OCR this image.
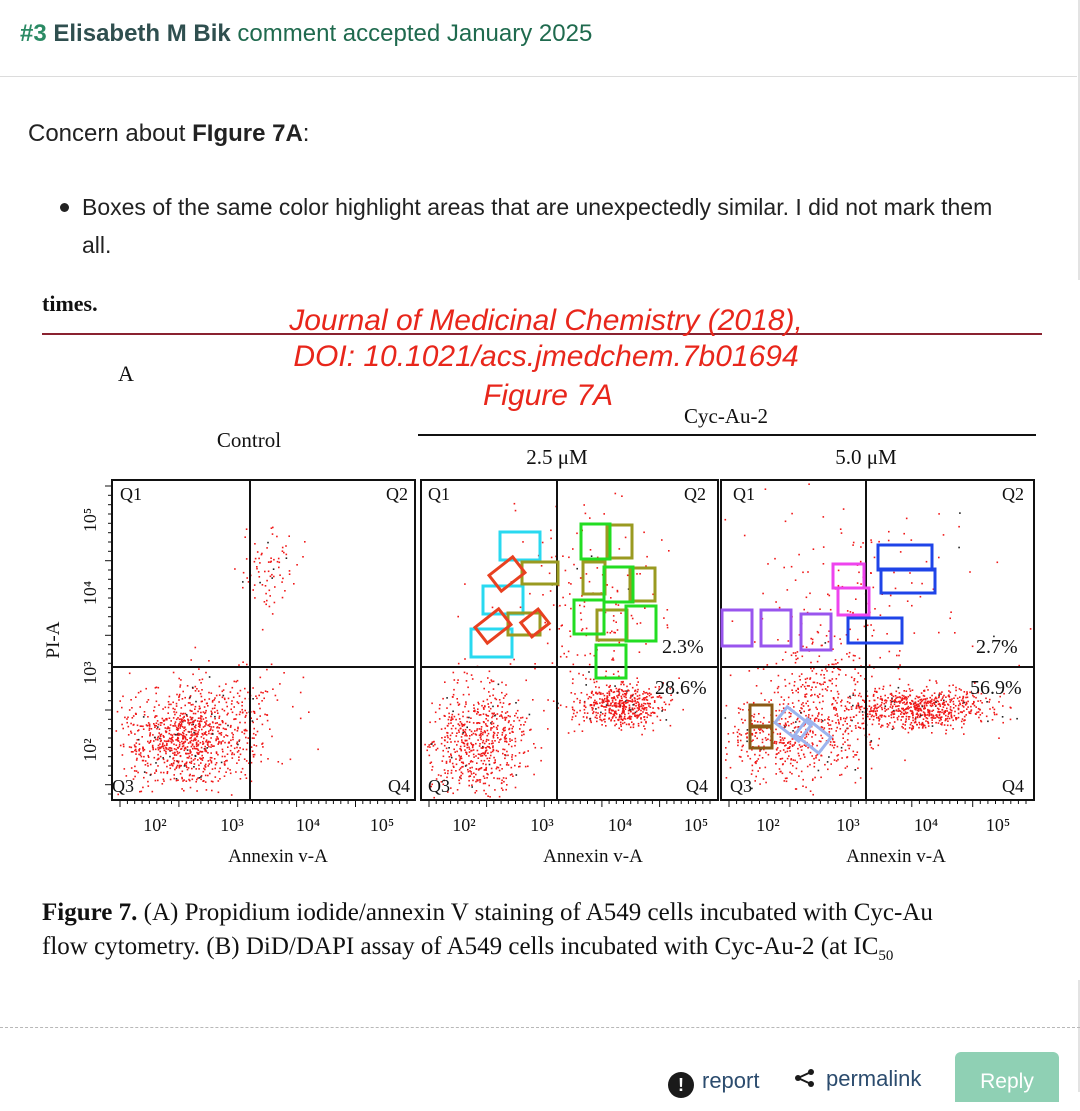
#3 Elisabeth M Bik comment accepted January 2025
Concern about FIgure 7A:
Boxes of the same color highlight areas that are unexpectedly similar. I did not mark them all.
times.
Journal of Medicinal Chemistry (2018),
DOI: 10.1021/acs.jmedchem.7b01694
Figure 7A
A
Cyc-Au-2
Control
2.5 μM	5.0 μM
PI-A
10⁵
10⁴
10³
10²
10²	10³	10⁴	10⁵	10²	10³	10⁴	10⁵	10²	10³	10⁴	10⁵
Annexin v-A	Annexin v-A	Annexin v-A
Q1	Q2
Q3	Q4
Q1	Q2
Q3	Q4
Q1	Q2
Q3	Q4
2.3%
28.6%
2.7%
56.9%
Figure 7. (A) Propidium iodide/annexin V staining of A549 cells incubated with Cyc-Au
flow cytometry. (B) DiD/DAPI assay of A549 cells incubated with Cyc-Au-2 (at $IC_{50}$
! report	permalink	Reply
